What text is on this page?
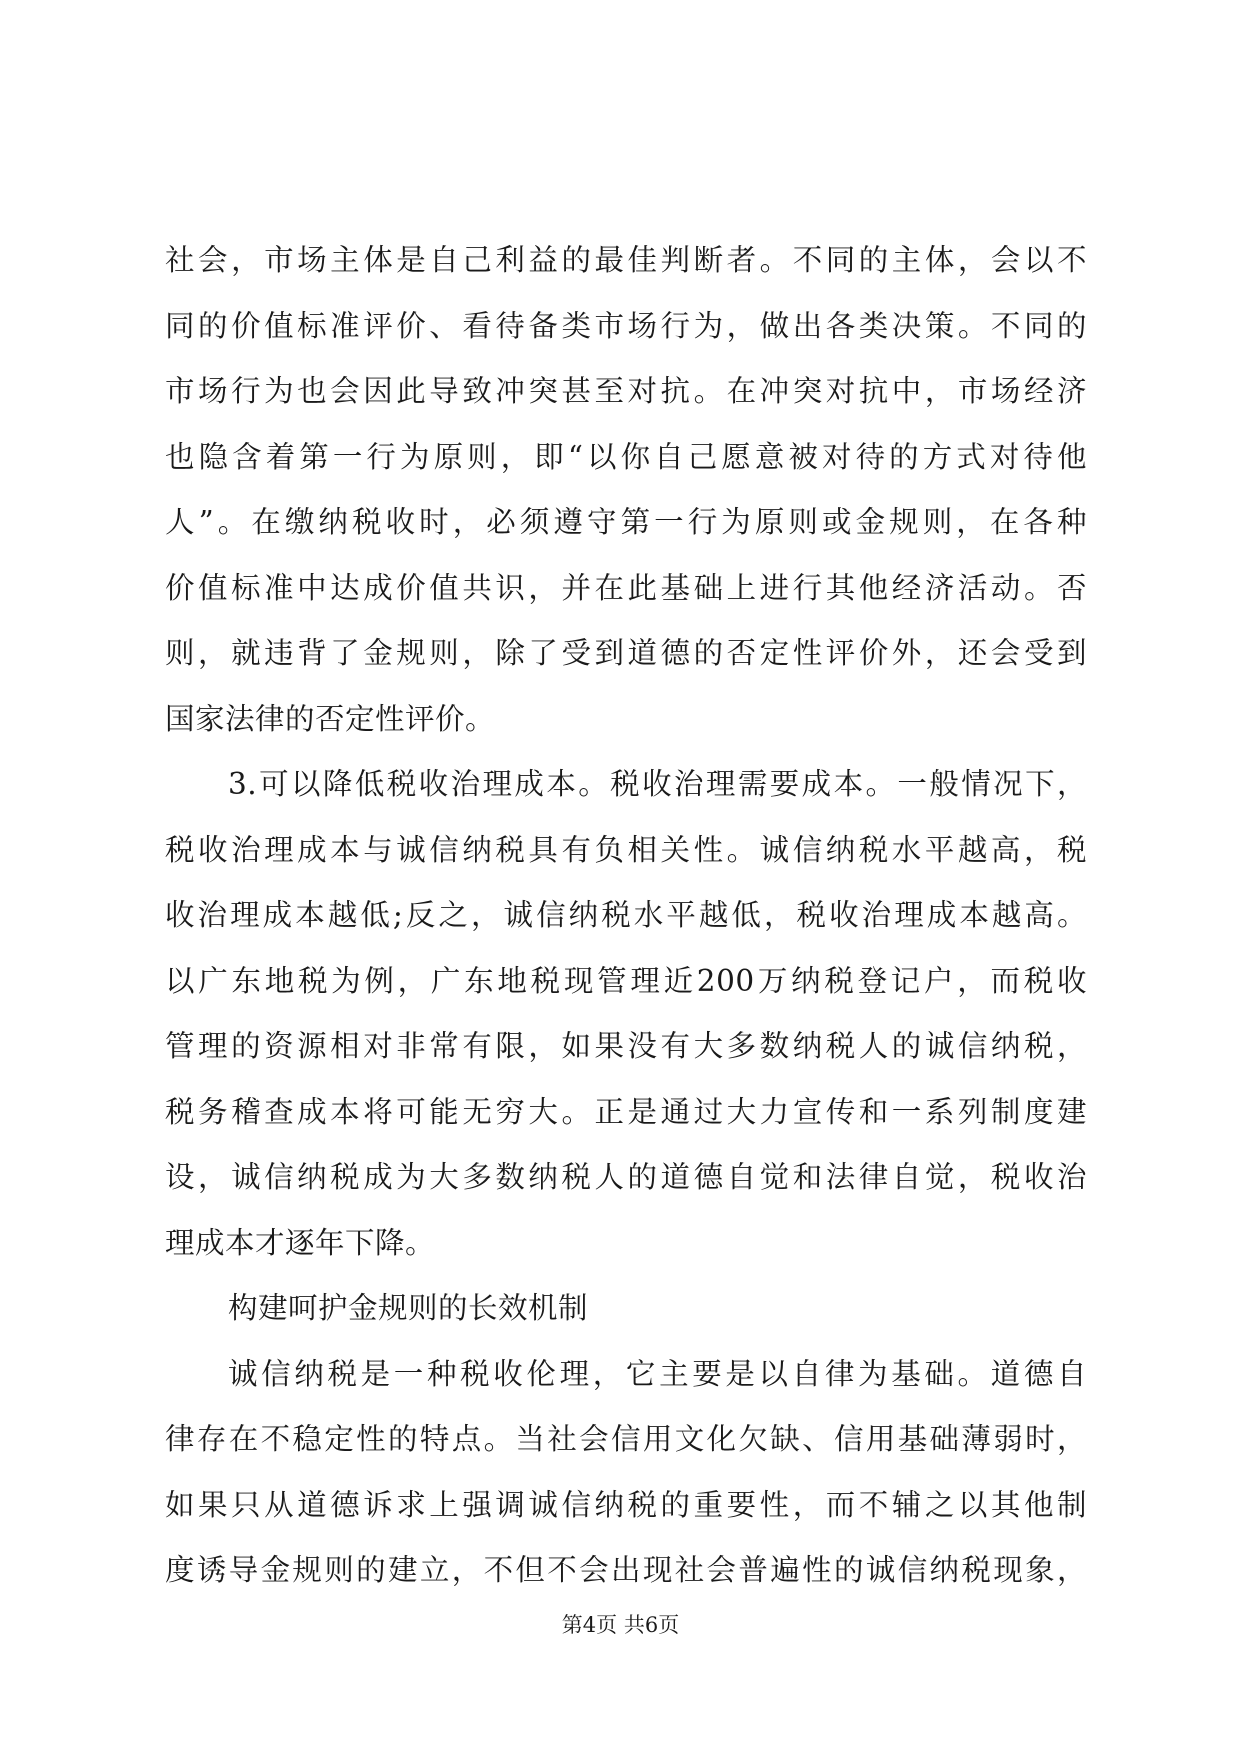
社会，市场主体是自己利益的最佳判断者。不同的主体，会以不
同的价值标准评价、看待备类市场行为，做出各类决策。不同的
市场行为也会因此导致冲突甚至对抗。在冲突对抗中，市场经济
也隐含着第一行为原则，即“以你自己愿意被对待的方式对待他
人”。在缴纳税收时，必须遵守第一行为原则或金规则，在各种
价值标准中达成价值共识，并在此基础上进行其他经济活动。否
则，就违背了金规则，除了受到道德的否定性评价外，还会受到
国家法律的否定性评价。
3.可以降低税收治理成本。税收治理需要成本。一般情况下，
税收治理成本与诚信纳税具有负相关性。诚信纳税水平越高，税
收治理成本越低;反之，诚信纳税水平越低，税收治理成本越高。
以广东地税为例，广东地税现管理近200万纳税登记户，而税收
管理的资源相对非常有限，如果没有大多数纳税人的诚信纳税，
税务稽查成本将可能无穷大。正是通过大力宣传和一系列制度建
设，诚信纳税成为大多数纳税人的道德自觉和法律自觉，税收治
理成本才逐年下降。
构建呵护金规则的长效机制
诚信纳税是一种税收伦理，它主要是以自律为基础。道德自
律存在不稳定性的特点。当社会信用文化欠缺、信用基础薄弱时，
如果只从道德诉求上强调诚信纳税的重要性，而不辅之以其他制
度诱导金规则的建立，不但不会出现社会普遍性的诚信纳税现象，
第4页 共6页
